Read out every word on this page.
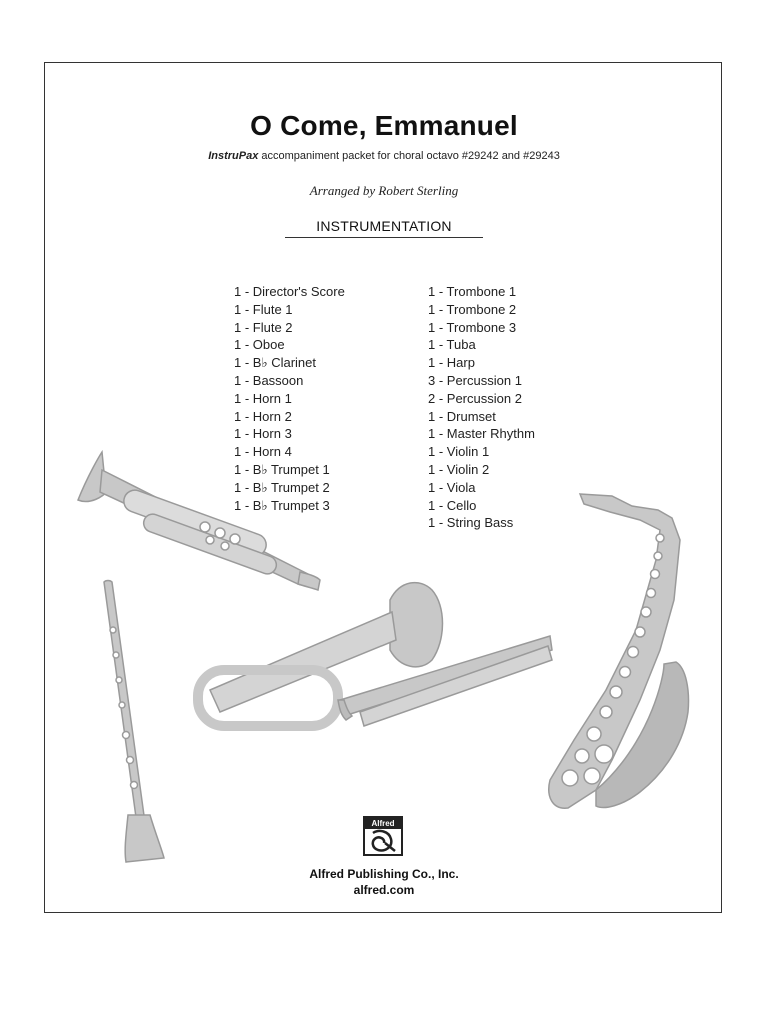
O Come, Emmanuel
InstruPax accompaniment packet for choral octavo #29242 and #29243
Arranged by Robert Sterling
INSTRUMENTATION
1 - Director's Score
1 - Flute 1
1 - Flute 2
1 - Oboe
1 - B♭ Clarinet
1 - Bassoon
1 - Horn 1
1 - Horn 2
1 - Horn 3
1 - Horn 4
1 - B♭ Trumpet 1
1 - B♭ Trumpet 2
1 - B♭ Trumpet 3
1 - Trombone 1
1 - Trombone 2
1 - Trombone 3
1 - Tuba
1 - Harp
3 - Percussion 1
2 - Percussion 2
1 - Drumset
1 - Master Rhythm
1 - Violin 1
1 - Violin 2
1 - Viola
1 - Cello
1 - String Bass
Alfred
Alfred Publishing Co., Inc.
alfred.com
